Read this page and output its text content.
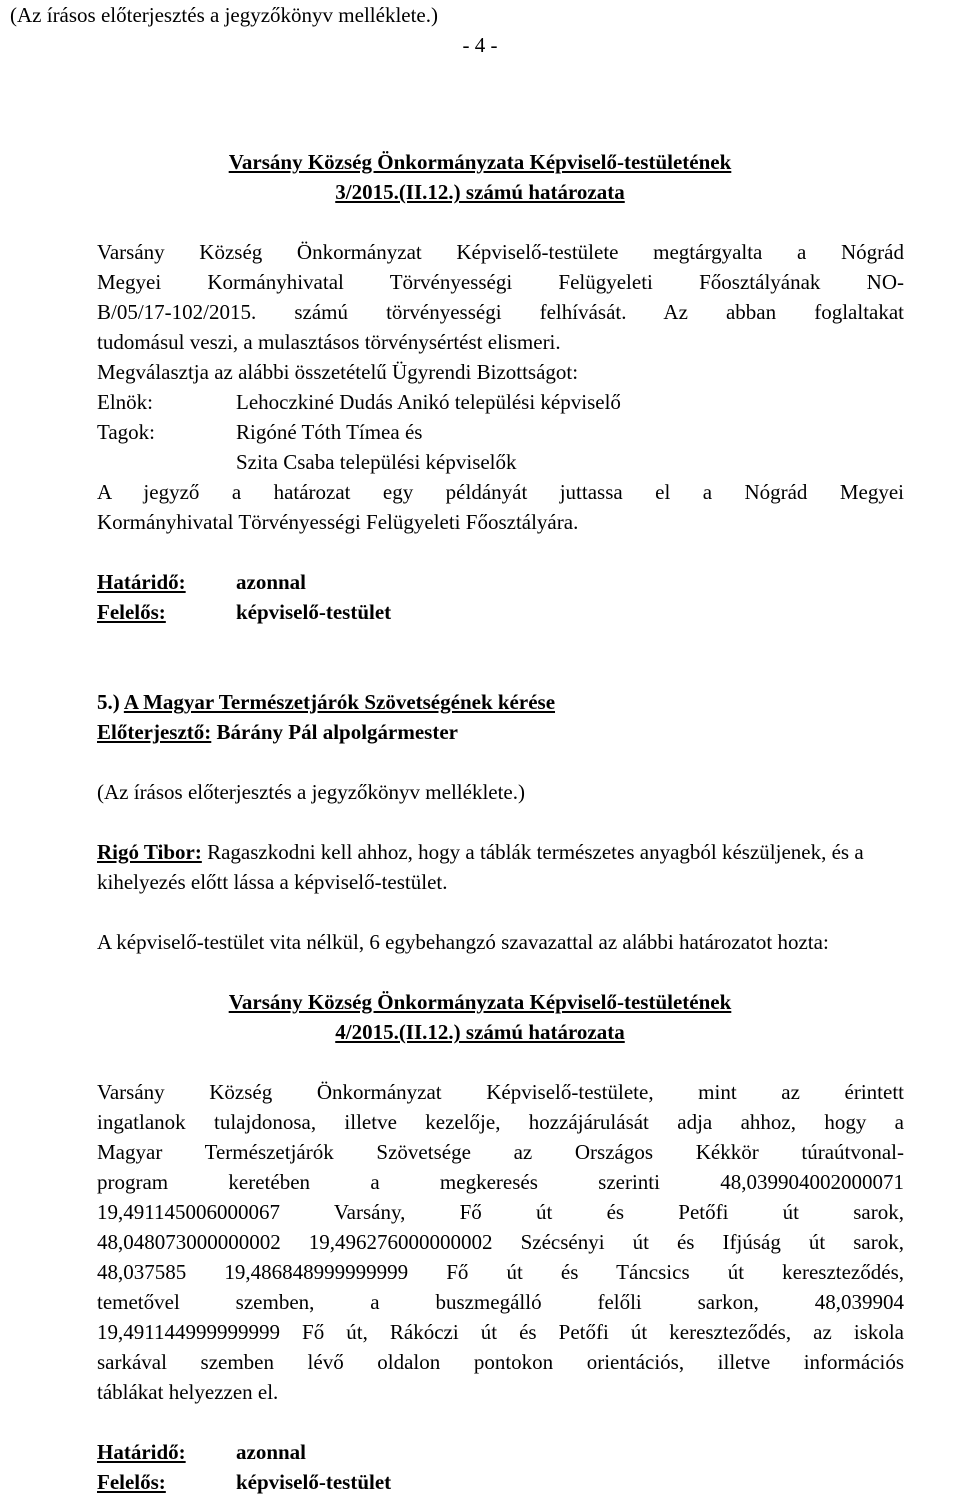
(Az írásos előterjesztés a jegyzőkönyv melléklete.)
- 4 -
Varsány Község Önkormányzata Képviselő-testületének
3/2015.(II.12.) számú határozata
Varsány Község Önkormányzat Képviselő-testülete megtárgyalta a Nógrád
Megyei Kormányhivatal Törvényességi Felügyeleti Főosztályának NO-
B/05/17-102/2015. számú törvényességi felhívását. Az abban foglaltakat
tudomásul veszi, a mulasztásos törvénysértést elismeri.
Megválasztja az alábbi összetételű Ügyrendi Bizottságot:
Elnök:	Lehoczkiné Dudás Anikó települési képviselő
Tagok:	Rigóné Tóth Tímea és
Szita Csaba települési képviselők
A jegyző a határozat egy példányát juttassa el a Nógrád Megyei
Kormányhivatal Törvényességi Felügyeleti Főosztályára.
Határidő: azonnal
Felelős:	képviselő-testület
5.) A Magyar Természetjárók Szövetségének kérése
Előterjesztő: Bárány Pál alpolgármester
(Az írásos előterjesztés a jegyzőkönyv melléklete.)
Rigó Tibor: Ragaszkodni kell ahhoz, hogy a táblák természetes anyagból készüljenek, és a
kihelyezés előtt lássa a képviselő-testület.
A képviselő-testület vita nélkül, 6 egybehangzó szavazattal az alábbi határozatot hozta:
Varsány Község Önkormányzata Képviselő-testületének
4/2015.(II.12.) számú határozata
Varsány Község Önkormányzat Képviselő-testülete, mint az érintett
ingatlanok tulajdonosa, illetve kezelője, hozzájárulását adja ahhoz, hogy a
Magyar Természetjárók Szövetsége az Országos Kékkör túraútvonal-
program keretében a megkeresés szerinti 48,039904002000071
19,491145006000067 Varsány, Fő út és Petőfi út sarok,
48,048073000000002 19,496276000000002 Szécsényi út és Ifjúság út sarok,
48,037585 19,486848999999999 Fő út és Táncsics út kereszteződés,
temetővel szemben, a buszmegálló felőli sarkon, 48,039904
19,491144999999999 Fő út, Rákóczi út és Petőfi út kereszteződés, az iskola
sarkával szemben lévő oldalon pontokon orientációs, illetve információs
táblákat helyezzen el.
Határidő: azonnal
Felelős:	képviselő-testület
